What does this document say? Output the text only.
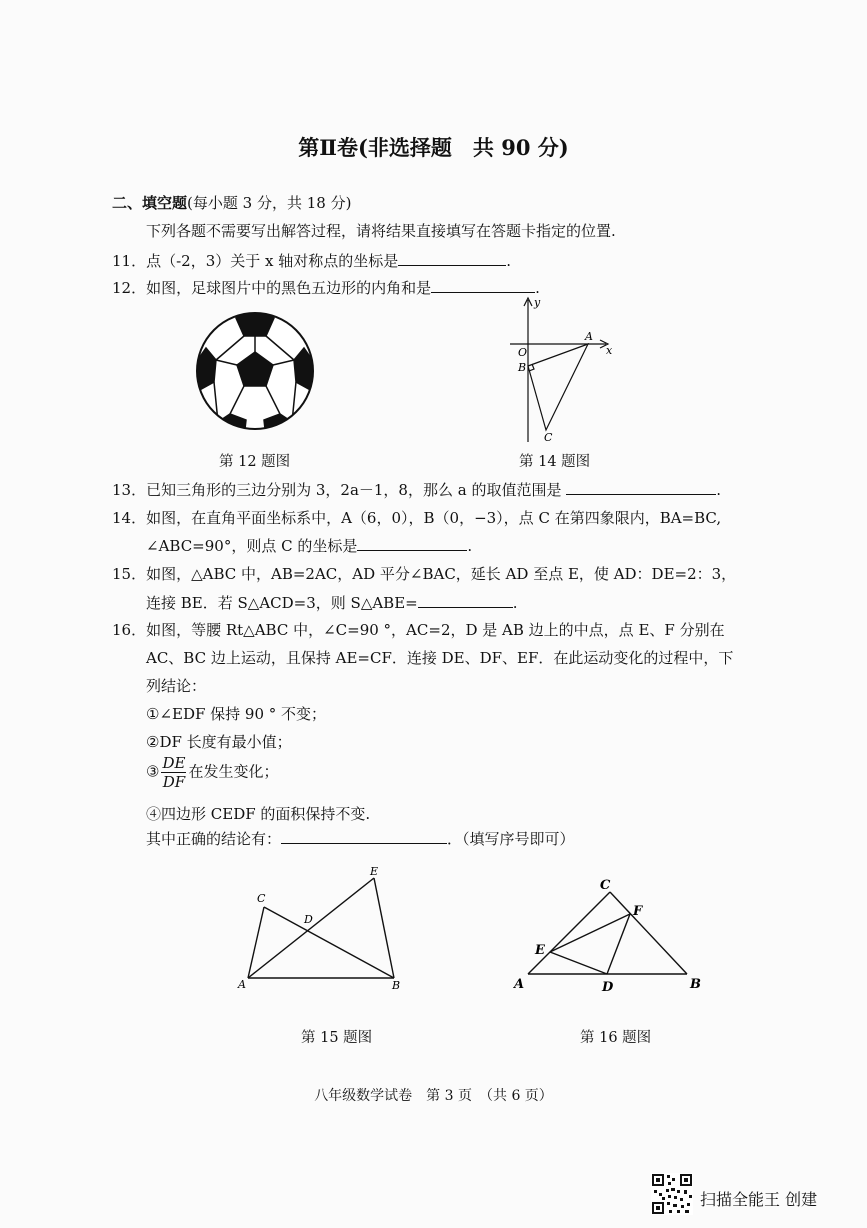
第Ⅱ卷(非选择题　共 90 分)
二、填空题(每小题 3 分，共 18 分)
下列各题不需要写出解答过程，请将结果直接填写在答题卡指定的位置.
11．点（-2，3）关于 x 轴对称点的坐标是	.
12．如图，足球图片中的黑色五边形的内角和是	.
y
x
O
A
B
C
第 12 题图	第 14 题图
13．已知三角形的三边分别为 3，2a－1，8，那么 a 的取值范围是	.
14．如图，在直角平面坐标系中，A（6，0），B（0，−3），点 C 在第四象限内，BA=BC,
∠ABC=90°，则点 C 的坐标是	.
15．如图，△ABC 中，AB=2AC，AD 平分∠BAC，延长 AD 至点 E，使 AD：DE=2：3，
连接 BE．若 S△ACD=3，则 S△ABE=	.
16．如图，等腰 Rt△ABC 中，∠C=90 °，AC=2，D 是 AB 边上的中点，点 E、F 分别在
AC、BC 边上运动，且保持 AE=CF．连接 DE、DF、EF．在此运动变化的过程中，下
列结论：
①∠EDF 保持 90 ° 不变；
②DF 长度有最小值；
③ $\frac{DE}{DF}$ 在发生变化；
④四边形 CEDF 的面积保持不变.
其中正确的结论有：	．（填写序号即可）
A	B
C
D
E
A	B
C
D
E
F
第 15 题图	第 16 题图
八年级数学试卷　第 3 页　（共 6 页）
扫描全能王 创建
